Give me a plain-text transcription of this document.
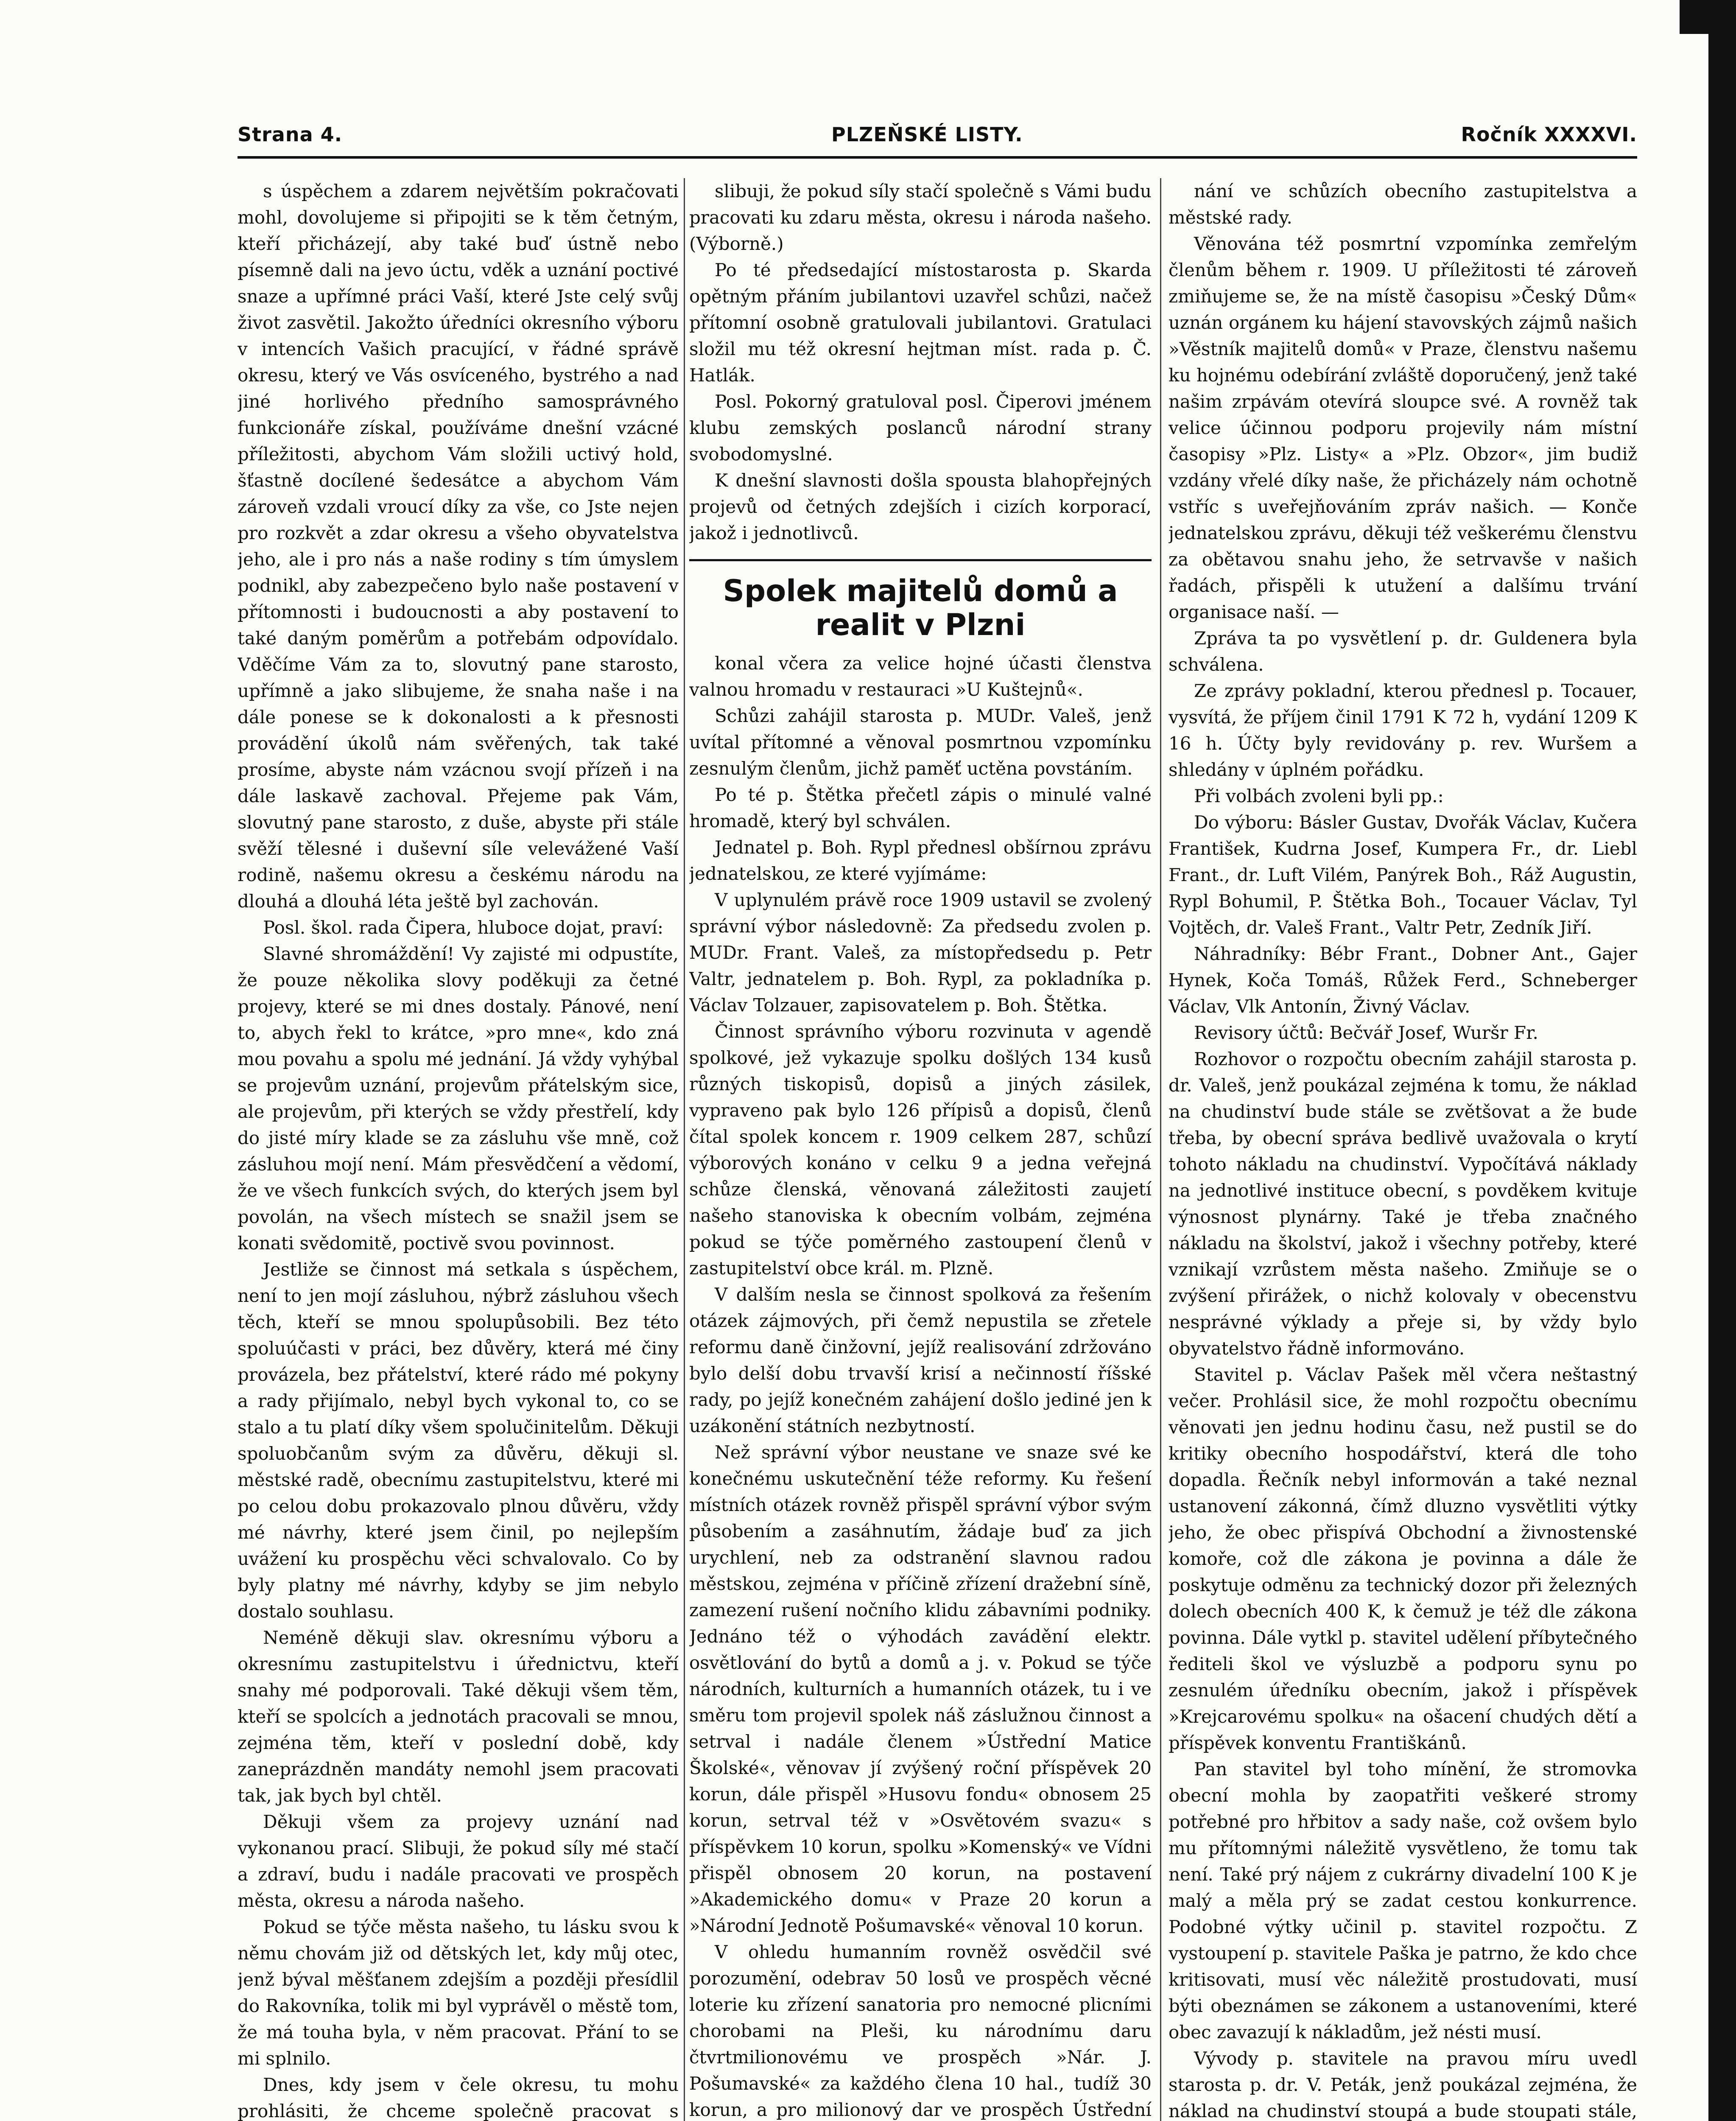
Strana 4.	PLZEŇSKÉ LISTY.	Ročník XXXXVI.

s úspěchem a zdarem největším pokračovati mohl, dovolujeme si připojiti se k těm četným, kteří přicházejí, aby také buď ústně nebo písemně dali na jevo úctu, vděk a uznání poctivé snaze a upřímné práci Vaší, které Jste celý svůj život zasvětil. Jakožto úředníci okresního výboru v intencích Vašich pracující, v řádné správě okresu, který ve Vás osvíceného, bystrého a nad jiné horlivého předního samosprávného funkcionáře získal, používáme dnešní vzácné příležitosti, abychom Vám složili uctivý hold, šťastně docílené šedesátce a abychom Vám zároveň vzdali vroucí díky za vše, co Jste nejen pro rozkvět a zdar okresu a všeho obyvatelstva jeho, ale i pro nás a naše rodiny s tím úmyslem podnikl, aby zabezpečeno bylo naše postavení v přítomnosti i budoucnosti a aby postavení to také daným poměrům a potřebám odpovídalo. Vděčíme Vám za to, slovutný pane starosto, upřímně a jako slibujeme, že snaha naše i na dále ponese se k dokonalosti a k přesnosti provádění úkolů nám svěřených, tak také prosíme, abyste nám vzácnou svojí přízeň i na dále laskavě zachoval. Přejeme pak Vám, slovutný pane starosto, z duše, abyste při stále svěží tělesné i duševní síle velevážené Vaší rodině, našemu okresu a českému národu na dlouhá a dlouhá léta ještě byl zachován.

Posl. škol. rada Čipera, hluboce dojat, praví:

Slavné shromáždění! Vy zajisté mi odpustíte, že pouze několika slovy poděkuji za četné projevy, které se mi dnes dostaly. Pánové, není to, abych řekl to krátce, »pro mne«, kdo zná mou povahu a spolu mé jednání. Já vždy vyhýbal se projevům uznání, projevům přátelským sice, ale projevům, při kterých se vždy přestřelí, kdy do jisté míry klade se za zásluhu vše mně, což zásluhou mojí není. Mám přesvědčení a vědomí, že ve všech funkcích svých, do kterých jsem byl povolán, na všech místech se snažil jsem se konati svědomitě, poctivě svou povinnost.

Jestliže se činnost má setkala s úspěchem, není to jen mojí zásluhou, nýbrž zásluhou všech těch, kteří se mnou spolupůsobili. Bez této spoluúčasti v práci, bez důvěry, která mé činy provázela, bez přátelství, které rádo mé pokyny a rady přijímalo, nebyl bych vykonal to, co se stalo a tu platí díky všem spolučinitelům. Děkuji spoluobčanům svým za důvěru, děkuji sl. městské radě, obecnímu zastupitelstvu, které mi po celou dobu prokazovalo plnou důvěru, vždy mé návrhy, které jsem činil, po nejlepším uvážení ku prospěchu věci schvalovalo. Co by byly platny mé návrhy, kdyby se jim nebylo dostalo souhlasu.

Neméně děkuji slav. okresnímu výboru a okresnímu zastupitelstvu i úřednictvu, kteří snahy mé podporovali. Také děkuji všem těm, kteří se spolcích a jednotách pracovali se mnou, zejména těm, kteří v poslední době, kdy zaneprázdněn mandáty nemohl jsem pracovati tak, jak bych byl chtěl.

Děkuji všem za projevy uznání nad vykonanou prací. Slibuji, že pokud síly mé stačí a zdraví, budu i nadále pracovati ve prospěch města, okresu a národa našeho.

Pokud se týče města našeho, tu lásku svou k němu chovám již od dětských let, kdy můj otec, jenž býval měšťanem zdejším a později přesídlil do Rakovníka, tolik mi byl vyprávěl o městě tom, že má touha byla, v něm pracovat. Přání to se mi splnilo.

Dnes, kdy jsem v čele okresu, tu mohu prohlásiti, že chceme společně pracovat s

slibuji, že pokud síly stačí společně s Vámi budu pracovati ku zdaru města, okresu i národa našeho. (Výborně.)

Po té předsedající místostarosta p. Skarda opětným přáním jubilantovi uzavřel schůzi, načež přítomní osobně gratulovali jubilantovi. Gratulaci složil mu též okresní hejtman míst. rada p. Č. Hatlák.

Posl. Pokorný gratuloval posl. Čiperovi jménem klubu zemských poslanců národní strany svobodomyslné.

K dnešní slavnosti došla spousta blahopřejných projevů od četných zdejších i cizích korporací, jakož i jednotlivců.

Spolek majitelů domů a realit v Plzni

konal včera za velice hojné účasti členstva valnou hromadu v restauraci »U Kuštejnů«.

Schůzi zahájil starosta p. MUDr. Valeš, jenž uvítal přítomné a věnoval posmrtnou vzpomínku zesnulým členům, jichž paměť uctěna povstáním.

Po té p. Štětka přečetl zápis o minulé valné hromadě, který byl schválen.

Jednatel p. Boh. Rypl přednesl obšírnou zprávu jednatelskou, ze které vyjímáme:

V uplynulém právě roce 1909 ustavil se zvolený správní výbor následovně: Za předsedu zvolen p. MUDr. Frant. Valeš, za místopředsedu p. Petr Valtr, jednatelem p. Boh. Rypl, za pokladníka p. Václav Tolzauer, zapisovatelem p. Boh. Štětka.

Činnost správního výboru rozvinuta v agendě spolkové, jež vykazuje spolku došlých 134 kusů různých tiskopisů, dopisů a jiných zásilek, vypraveno pak bylo 126 přípisů a dopisů, členů čítal spolek koncem r. 1909 celkem 287, schůzí výborových konáno v celku 9 a jedna veřejná schůze členská, věnovaná záležitosti zaujetí našeho stanoviska k obecním volbám, zejména pokud se týče poměrného zastoupení členů v zastupitelství obce král. m. Plzně.

V dalším nesla se činnost spolková za řešením otázek zájmových, při čemž nepustila se zřetele reformu daně činžovní, jejíž realisování zdržováno bylo delší dobu trvavší krisí a nečinností říšské rady, po jejíž konečném zahájení došlo jediné jen k uzákonění státních nezbytností.

Než správní výbor neustane ve snaze své ke konečnému uskutečnění téže reformy. Ku řešení místních otázek rovněž přispěl správní výbor svým působením a zasáhnutím, žádaje buď za jich urychlení, neb za odstranění slavnou radou městskou, zejména v příčině zřízení dražební síně, zamezení rušení nočního klidu zábavními podniky. Jednáno též o výhodách zavádění elektr. osvětlování do bytů a domů a j. v. Pokud se týče národních, kulturních a humanních otázek, tu i ve směru tom projevil spolek náš záslužnou činnost a setrval i nadále členem »Ústřední Matice Školské«, věnovav jí zvýšený roční příspěvek 20 korun, dále přispěl »Husovu fondu« obnosem 25 korun, setrval též v »Osvětovém svazu« s příspěvkem 10 korun, spolku »Komenský« ve Vídni přispěl obnosem 20 korun, na postavení »Akademického domu« v Praze 20 korun a »Národní Jednotě Pošumavské« věnoval 10 korun.

V ohledu humanním rovněž osvědčil své porozumění, odebrav 50 losů ve prospěch věcné loterie ku zřízení sanatoria pro nemocné plicními chorobami na Pleši, ku národnímu daru čtvrtmilionovému ve prospěch »Nár. J. Pošumavské« za každého člena 10 hal., tudíž 30 korun, a pro milionový dar ve prospěch Ústřední

nání ve schůzích obecního zastupitelstva a městské rady.

Věnována též posmrtní vzpomínka zemřelým členům během r. 1909. U příležitosti té zároveň zmiňujeme se, že na místě časopisu »Český Dům« uznán orgánem ku hájení stavovských zájmů našich »Věstník majitelů domů« v Praze, členstvu našemu ku hojnému odebírání zvláště doporučený, jenž také našim zrpávám otevírá sloupce své. A rovněž tak velice účinnou podporu projevily nám místní časopisy »Plz. Listy« a »Plz. Obzor«, jim budiž vzdány vřelé díky naše, že přicházely nám ochotně vstříc s uveřejňováním zpráv našich. — Konče jednatelskou zprávu, děkuji též veškerému členstvu za obětavou snahu jeho, že setrvavše v našich řadách, přispěli k utužení a dalšímu trvání organisace naší. —

Zpráva ta po vysvětlení p. dr. Guldenera byla schválena.

Ze zprávy pokladní, kterou přednesl p. Tocauer, vysvítá, že příjem činil 1791 K 72 h, vydání 1209 K 16 h. Účty byly revidovány p. rev. Wuršem a shledány v úplném pořádku.

Při volbách zvoleni byli pp.:

Do výboru: Básler Gustav, Dvořák Václav, Kučera František, Kudrna Josef, Kumpera Fr., dr. Liebl Frant., dr. Luft Vilém, Panýrek Boh., Ráž Augustin, Rypl Bohumil, P. Štětka Boh., Tocauer Václav, Tyl Vojtěch, dr. Valeš Frant., Valtr Petr, Zedník Jiří.

Náhradníky: Bébr Frant., Dobner Ant., Gajer Hynek, Koča Tomáš, Růžek Ferd., Schneberger Václav, Vlk Antonín, Živný Václav.

Revisory účtů: Bečvář Josef, Wuršr Fr.

Rozhovor o rozpočtu obecním zahájil starosta p. dr. Valeš, jenž poukázal zejména k tomu, že náklad na chudinství bude stále se zvětšovat a že bude třeba, by obecní správa bedlivě uvažovala o krytí tohoto nákladu na chudinství. Vypočítává náklady na jednotlivé instituce obecní, s povděkem kvituje výnosnost plynárny. Také je třeba značného nákladu na školství, jakož i všechny potřeby, které vznikají vzrůstem města našeho. Zmiňuje se o zvýšení přirážek, o nichž kolovaly v obecenstvu nesprávné výklady a přeje si, by vždy bylo obyvatelstvo řádně informováno.

Stavitel p. Václav Pašek měl včera neštastný večer. Prohlásil sice, že mohl rozpočtu obecnímu věnovati jen jednu hodinu času, než pustil se do kritiky obecního hospodářství, která dle toho dopadla. Řečník nebyl informován a také neznal ustanovení zákonná, čímž dluzno vysvětliti výtky jeho, že obec přispívá Obchodní a živnostenské komoře, což dle zákona je povinna a dále že poskytuje odměnu za technický dozor při železných dolech obecních 400 K, k čemuž je též dle zákona povinna. Dále vytkl p. stavitel udělení příbytečného řediteli škol ve výsluzbě a podporu synu po zesnulém úředníku obecním, jakož i příspěvek »Krejcarovému spolku« na ošacení chudých dětí a příspěvek konventu Františkánů.

Pan stavitel byl toho mínění, že stromovka obecní mohla by zaopatřiti veškeré stromy potřebné pro hřbitov a sady naše, což ovšem bylo mu přítomnými náležitě vysvětleno, že tomu tak není. Také prý nájem z cukrárny divadelní 100 K je malý a měla prý se zadat cestou konkurrence. Podobné výtky učinil p. stavitel rozpočtu. Z vystoupení p. stavitele Paška je patrno, že kdo chce kritisovati, musí věc náležitě prostudovati, musí býti obeznámen se zákonem a ustanoveními, které obec zavazují k nákladům, jež nésti musí.

Vývody p. stavitele na pravou míru uvedl starosta p. dr. V. Peták, jenž poukázal zejména, že náklad na chudinství stoupá a bude stoupati stále,
